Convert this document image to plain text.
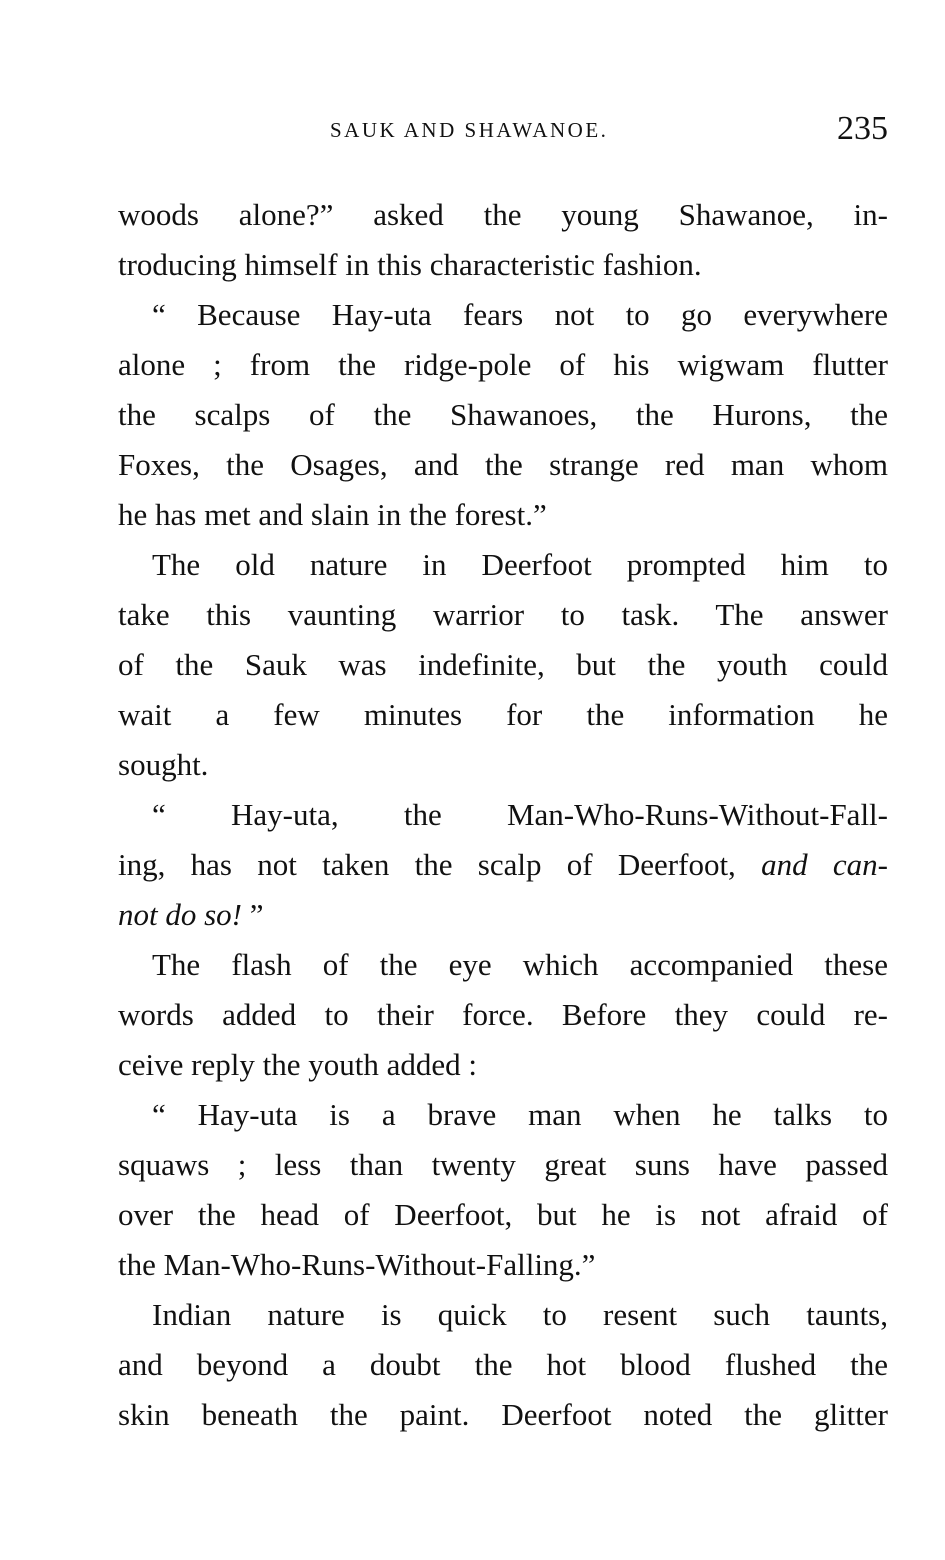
SAUK AND SHAWANOE.	235
woods alone?” asked the young Shawanoe, in-
troducing himself in this characteristic fashion.
“ Because Hay-uta fears not to go everywhere
alone ; from the ridge-pole of his wigwam flutter
the scalps of the Shawanoes, the Hurons, the
Foxes, the Osages, and the strange red man whom
he has met and slain in the forest.”
The old nature in Deerfoot prompted him to
take this vaunting warrior to task. The answer
of the Sauk was indefinite, but the youth could
wait a few minutes for the information he
sought.
“ Hay-uta, the Man-Who-Runs-Without-Fall-
ing, has not taken the scalp of Deerfoot, and can-
not do so! ”
The flash of the eye which accompanied these
words added to their force. Before they could re-
ceive reply the youth added :
“ Hay-uta is a brave man when he talks to
squaws ; less than twenty great suns have passed
over the head of Deerfoot, but he is not afraid of
the Man-Who-Runs-Without-Falling.”
Indian nature is quick to resent such taunts,
and beyond a doubt the hot blood flushed the
skin beneath the paint. Deerfoot noted the glitter
